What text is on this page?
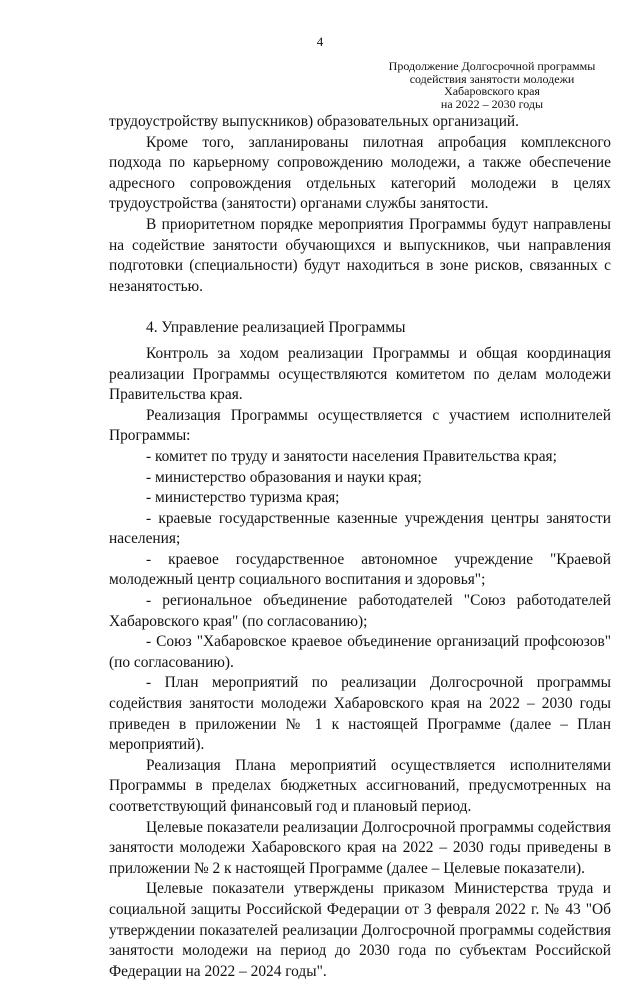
4
Продолжение Долгосрочной программы
содействия занятости молодежи
Хабаровского края
на 2022 – 2030 годы

трудоустройству выпускников) образовательных организаций.

Кроме того, запланированы пилотная апробация комплексного подхода по карьерному сопровождению молодежи, а также обеспечение адресного сопровождения отдельных категорий молодежи в целях трудоустройства (занятости) органами службы занятости.

В приоритетном порядке мероприятия Программы будут направлены на содействие занятости обучающихся и выпускников, чьи направления подготовки (специальности) будут находиться в зоне рисков, связанных с незанятостью.

4. Управление реализацией Программы

Контроль за ходом реализации Программы и общая координация реализации Программы осуществляются комитетом по делам молодежи Правительства края.

Реализация Программы осуществляется с участием исполнителей Программы:

- комитет по труду и занятости населения Правительства края;

- министерство образования и науки края;

- министерство туризма края;

- краевые государственные казенные учреждения центры занятости населения;

- краевое государственное автономное учреждение "Краевой молодежный центр социального воспитания и здоровья";

- региональное объединение работодателей "Союз работодателей Хабаровского края" (по согласованию);

- Союз "Хабаровское краевое объединение организаций профсоюзов" (по согласованию).

- План мероприятий по реализации Долгосрочной программы содействия занятости молодежи Хабаровского края на 2022 – 2030 годы приведен в приложении № 1 к настоящей Программе (далее – План мероприятий).

Реализация Плана мероприятий осуществляется исполнителями Программы в пределах бюджетных ассигнований, предусмотренных на соответствующий финансовый год и плановый период.

Целевые показатели реализации Долгосрочной программы содействия занятости молодежи Хабаровского края на 2022 – 2030 годы приведены в приложении № 2 к настоящей Программе (далее – Целевые показатели).

Целевые показатели утверждены приказом Министерства труда и социальной защиты Российской Федерации от 3 февраля 2022 г. № 43 "Об утверждении показателей реализации Долгосрочной программы содействия занятости молодежи на период до 2030 года по субъектам Российской Федерации на 2022 – 2024 годы".
